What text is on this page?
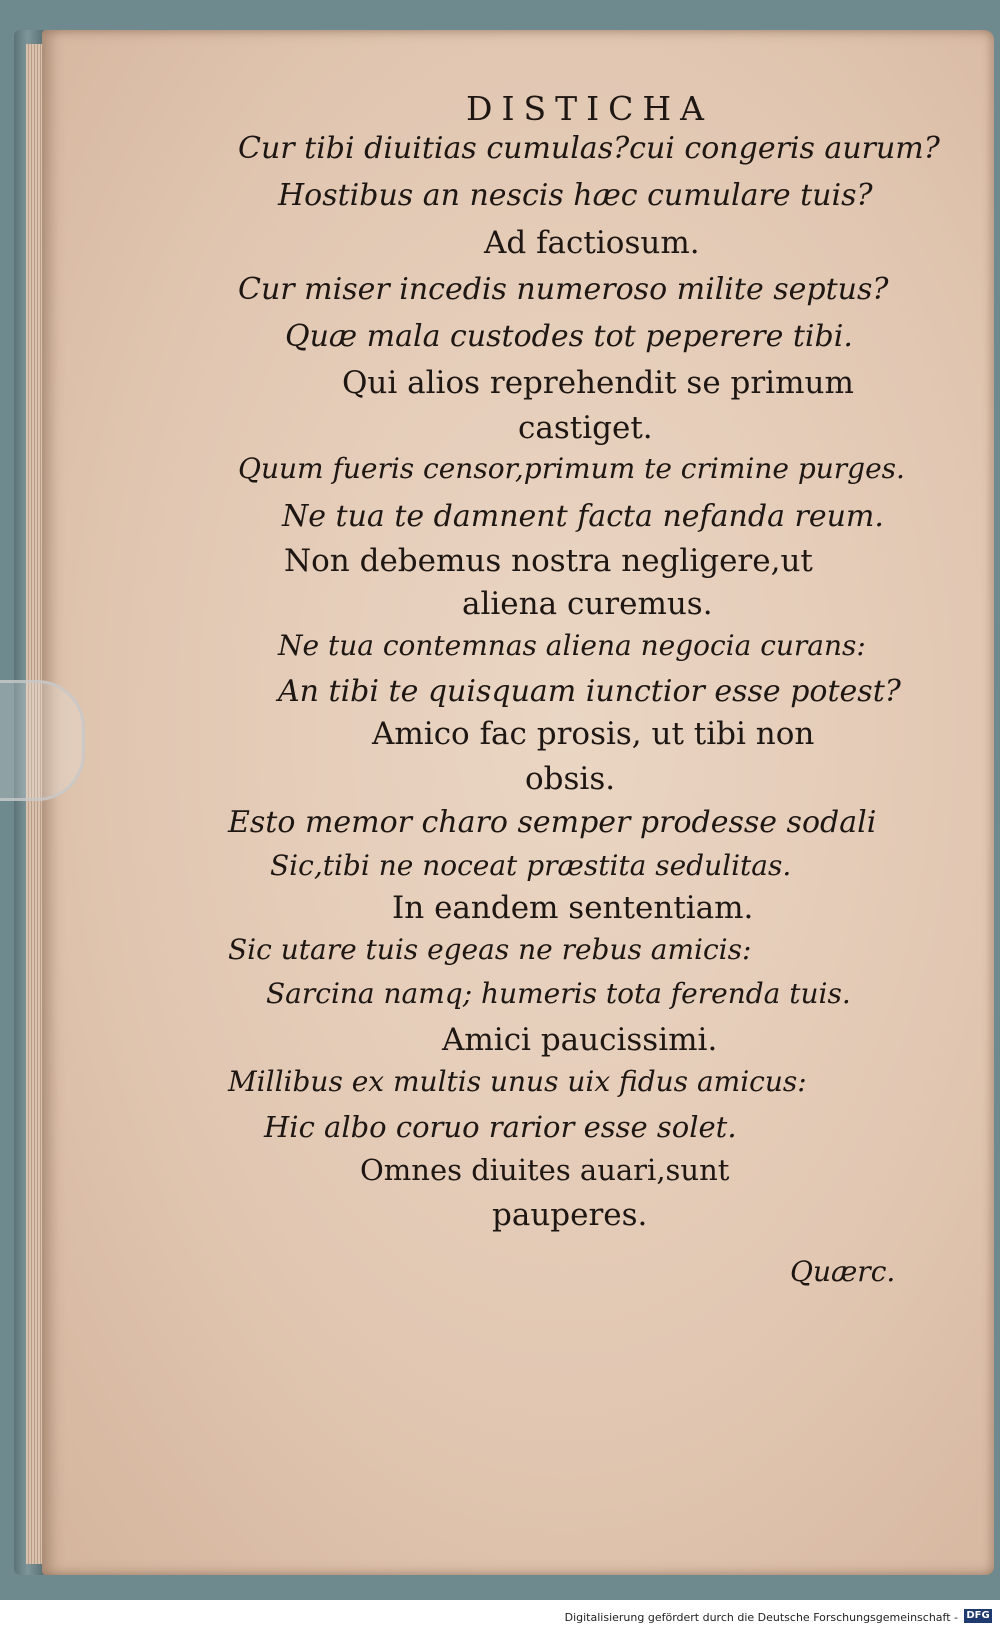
DISTICHA
Cur tibi diuitias cumulas?cui congeris aurum?
Hostibus an nescis hæc cumulare tuis?
Ad factiosum.
Cur miser incedis numeroso milite septus?
Quæ mala custodes tot peperere tibi.
Qui alios reprehendit se primum
castiget.
Quum fueris censor,primum te crimine purges.
Ne tua te damnent facta nefanda reum.
Non debemus nostra negligere,ut
aliena curemus.
Ne tua contemnas aliena negocia curans:
An tibi te quisquam iunctior esse potest?
Amico fac prosis, ut tibi non
obsis.
Esto memor charo semper prodesse sodali
Sic,tibi ne noceat præstita sedulitas.
In eandem sententiam.
Sic utare tuis egeas ne rebus amicis:
Sarcina namq; humeris tota ferenda tuis.
Amici paucissimi.
Millibus ex multis unus uix fidus amicus:
Hic albo coruo rarior esse solet.
Omnes diuites auari,sunt
pauperes.
Quærc.
Digitalisierung gefördert durch die Deutsche Forschungsgemeinschaft - DFG
